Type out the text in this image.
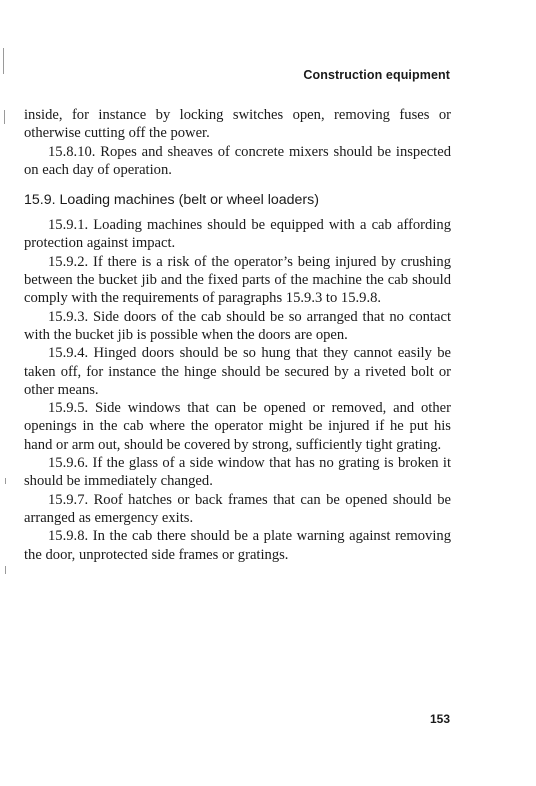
Construction equipment

inside, for instance by locking switches open, removing fuses or otherwise cutting off the power.

15.8.10. Ropes and sheaves of concrete mixers should be inspected on each day of operation.

15.9. Loading machines (belt or wheel loaders)

15.9.1. Loading machines should be equipped with a cab affording protection against impact.

15.9.2. If there is a risk of the operator’s being injured by crushing between the bucket jib and the fixed parts of the machine the cab should comply with the requirements of paragraphs 15.9.3 to 15.9.8.

15.9.3. Side doors of the cab should be so arranged that no contact with the bucket jib is possible when the doors are open.

15.9.4. Hinged doors should be so hung that they cannot easily be taken off, for instance the hinge should be secured by a riveted bolt or other means.

15.9.5. Side windows that can be opened or removed, and other openings in the cab where the operator might be injured if he put his hand or arm out, should be covered by strong, sufficiently tight grating.

15.9.6. If the glass of a side window that has no grating is broken it should be immediately changed.

15.9.7. Roof hatches or back frames that can be opened should be arranged as emergency exits.

15.9.8. In the cab there should be a plate warning against removing the door, unprotected side frames or gratings.

153
